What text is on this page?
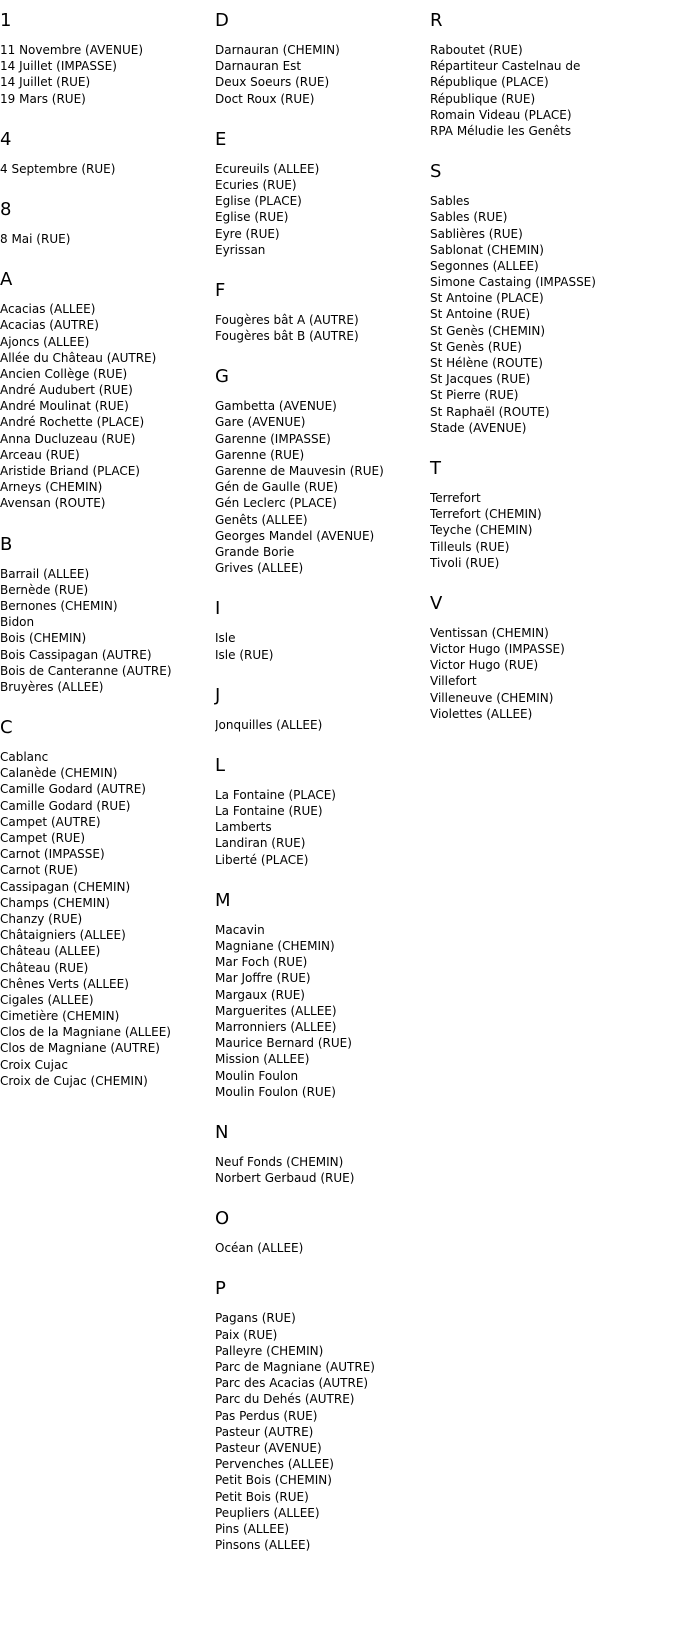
1
11 Novembre (AVENUE)
14 Juillet (IMPASSE)
14 Juillet (RUE)
19 Mars (RUE)
4
4 Septembre (RUE)
8
8 Mai (RUE)
A
Acacias (ALLEE)
Acacias (AUTRE)
Ajoncs (ALLEE)
Allée du Château (AUTRE)
Ancien Collège (RUE)
André Audubert (RUE)
André Moulinat (RUE)
André Rochette (PLACE)
Anna Ducluzeau (RUE)
Arceau (RUE)
Aristide Briand (PLACE)
Arneys (CHEMIN)
Avensan (ROUTE)
B
Barrail (ALLEE)
Bernède (RUE)
Bernones (CHEMIN)
Bidon
Bois (CHEMIN)
Bois Cassipagan (AUTRE)
Bois de Canteranne (AUTRE)
Bruyères (ALLEE)
C
Cablanc
Calanède (CHEMIN)
Camille Godard (AUTRE)
Camille Godard (RUE)
Campet (AUTRE)
Campet (RUE)
Carnot (IMPASSE)
Carnot (RUE)
Cassipagan (CHEMIN)
Champs (CHEMIN)
Chanzy (RUE)
Châtaigniers (ALLEE)
Château (ALLEE)
Château (RUE)
Chênes Verts (ALLEE)
Cigales (ALLEE)
Cimetière (CHEMIN)
Clos de la Magniane (ALLEE)
Clos de Magniane (AUTRE)
Croix Cujac
Croix de Cujac (CHEMIN)
D
Darnauran (CHEMIN)
Darnauran Est
Deux Soeurs (RUE)
Doct Roux (RUE)
E
Ecureuils (ALLEE)
Ecuries (RUE)
Eglise (PLACE)
Eglise (RUE)
Eyre (RUE)
Eyrissan
F
Fougères bât A (AUTRE)
Fougères bât B (AUTRE)
G
Gambetta (AVENUE)
Gare (AVENUE)
Garenne (IMPASSE)
Garenne (RUE)
Garenne de Mauvesin (RUE)
Gén de Gaulle (RUE)
Gén Leclerc (PLACE)
Genêts (ALLEE)
Georges Mandel (AVENUE)
Grande Borie
Grives (ALLEE)
I
Isle
Isle (RUE)
J
Jonquilles (ALLEE)
L
La Fontaine (PLACE)
La Fontaine (RUE)
Lamberts
Landiran (RUE)
Liberté (PLACE)
M
Macavin
Magniane (CHEMIN)
Mar Foch (RUE)
Mar Joffre (RUE)
Margaux (RUE)
Marguerites (ALLEE)
Marronniers (ALLEE)
Maurice Bernard (RUE)
Mission (ALLEE)
Moulin Foulon
Moulin Foulon (RUE)
N
Neuf Fonds (CHEMIN)
Norbert Gerbaud (RUE)
O
Océan (ALLEE)
P
Pagans (RUE)
Paix (RUE)
Palleyre (CHEMIN)
Parc de Magniane (AUTRE)
Parc des Acacias (AUTRE)
Parc du Dehés (AUTRE)
Pas Perdus (RUE)
Pasteur (AUTRE)
Pasteur (AVENUE)
Pervenches (ALLEE)
Petit Bois (CHEMIN)
Petit Bois (RUE)
Peupliers (ALLEE)
Pins (ALLEE)
Pinsons (ALLEE)
R
Raboutet (RUE)
Répartiteur Castelnau de
République (PLACE)
République (RUE)
Romain Videau (PLACE)
RPA Méludie les Genêts
S
Sables
Sables (RUE)
Sablières (RUE)
Sablonat (CHEMIN)
Segonnes (ALLEE)
Simone Castaing (IMPASSE)
St Antoine (PLACE)
St Antoine (RUE)
St Genès (CHEMIN)
St Genès (RUE)
St Hélène (ROUTE)
St Jacques (RUE)
St Pierre (RUE)
St Raphaël (ROUTE)
Stade (AVENUE)
T
Terrefort
Terrefort (CHEMIN)
Teyche (CHEMIN)
Tilleuls (RUE)
Tivoli (RUE)
V
Ventissan (CHEMIN)
Victor Hugo (IMPASSE)
Victor Hugo (RUE)
Villefort
Villeneuve (CHEMIN)
Violettes (ALLEE)
